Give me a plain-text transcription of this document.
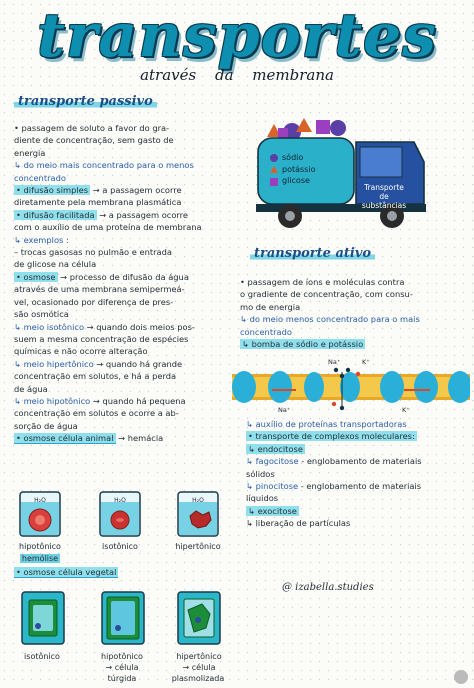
transportes
através da membrana
transporte passivo

• passagem de soluto a favor do gra-

diente de concentração, sem gasto de

energia

↳ do meio mais concentrado para o menos

concentrado

• difusão simples → a passagem ocorre

diretamente pela membrana plasmática

• difusão facilitada → a passagem ocorre

com o auxílio de uma proteína de membrana

↳ exemplos :

– trocas gasosas no pulmão e entrada

de glicose na célula

• osmose → processo de difusão da água

através de uma membrana semipermeá-

vel, ocasionado por diferença de pres-

são osmótica

↳ meio isotônico → quando dois meios pos-

suem a mesma concentração de espécies

químicas e não ocorre alteração

↳ meio hipertônico → quando há grande

concentração em solutos, e há a perda

de água

↳ meio hipotônico → quando há pequena

concentração em solutos e ocorre a ab-

sorção de água

• osmose célula animal → hemácia

H₂O	H₂O	H₂O
hipotônico	isotônico	hipertônico
hemólise
• osmose célula vegetal
isotônico	hipotônico
→ célula
túrgida
hipertônico
→ célula
plasmolizada

sódio

potássio

glicose

Transporte de substâncias
transporte ativo

• passagem de íons e moléculas contra

o gradiente de concentração, com consu-

mo de energia

↳ do meio menos concentrado para o mais

concentrado

↳ bomba de sódio e potássio

Na⁺	K⁺
Na⁺	K⁺

↳ auxílio de proteínas transportadoras

• transporte de complexos moleculares:

↳ endocitose

↳ fagocitose - englobamento de materiais

sólidos

↳ pinocitose - englobamento de materiais

líquidos

↳ exocitose

↳ liberação de partículas

@ izabella.studies
